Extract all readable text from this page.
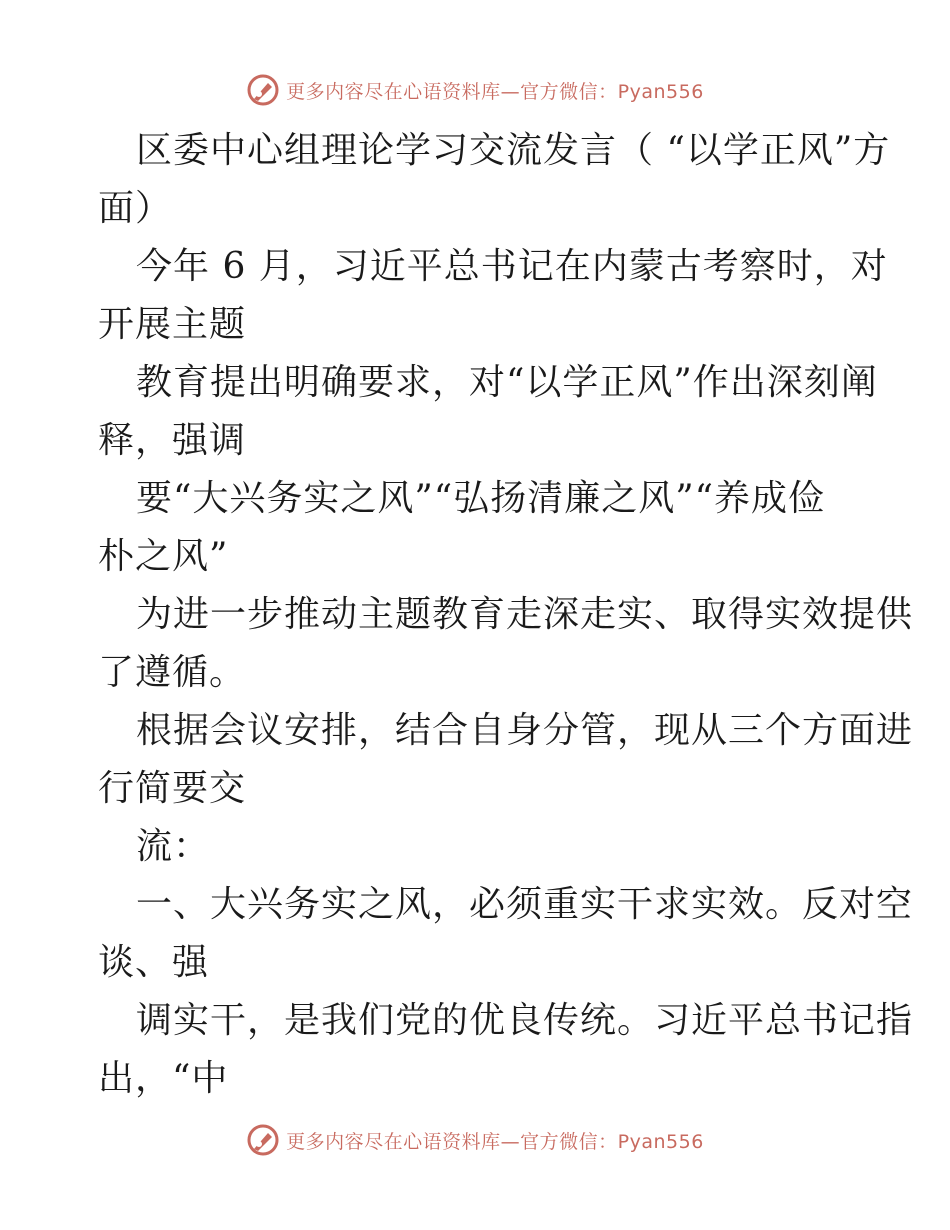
更多内容尽在心语资料库—官方微信：Pyan556
区委中心组理论学习交流发言（ “以学正风”方
面）
今年 6 月，习近平总书记在内蒙古考察时，对
开展主题
教育提出明确要求，对“以学正风”作出深刻阐
释，强调
要“大兴务实之风”“弘扬清廉之风”“养成俭
朴之风”
为进一步推动主题教育走深走实、取得实效提供
了遵循。
根据会议安排，结合自身分管，现从三个方面进
行简要交
流：
一、大兴务实之风，必须重实干求实效。反对空
谈、强
调实干，是我们党的优良传统。习近平总书记指
出，“中
更多内容尽在心语资料库—官方微信：Pyan556
